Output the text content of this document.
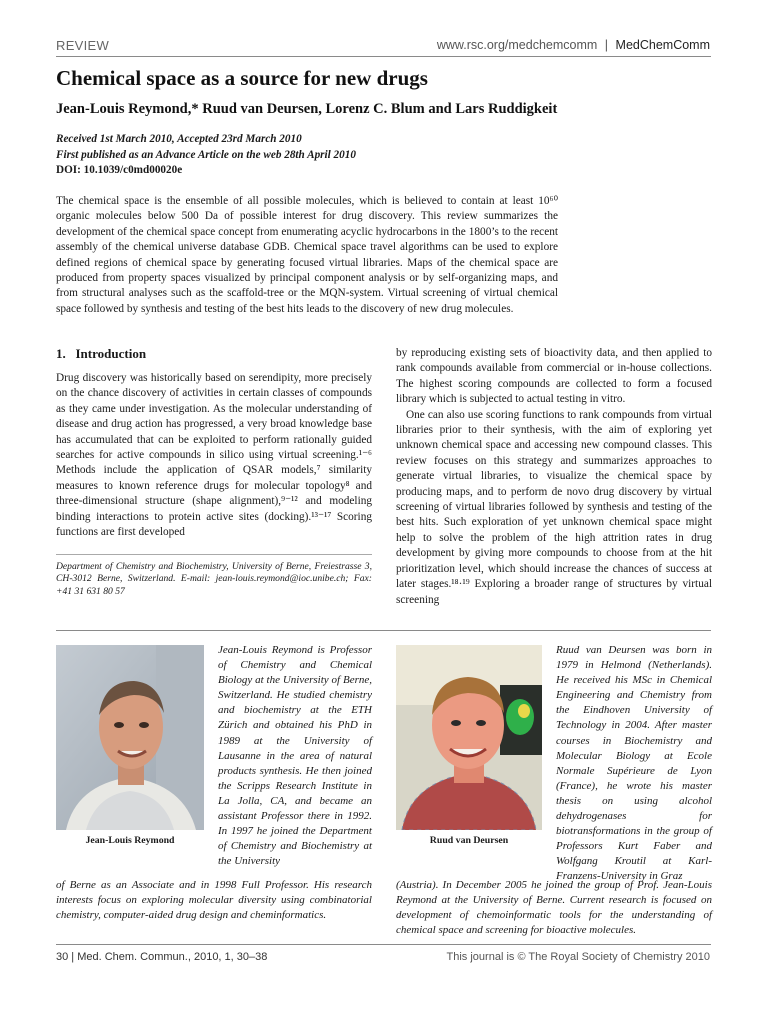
REVIEW	www.rsc.org/medchemcomm | MedChemComm
Chemical space as a source for new drugs
Jean-Louis Reymond,* Ruud van Deursen, Lorenz C. Blum and Lars Ruddigkeit
Received 1st March 2010, Accepted 23rd March 2010
First published as an Advance Article on the web 28th April 2010
DOI: 10.1039/c0md00020e
The chemical space is the ensemble of all possible molecules, which is believed to contain at least 10⁶⁰ organic molecules below 500 Da of possible interest for drug discovery. This review summarizes the development of the chemical space concept from enumerating acyclic hydrocarbons in the 1800’s to the recent assembly of the chemical universe database GDB. Chemical space travel algorithms can be used to explore defined regions of chemical space by generating focused virtual libraries. Maps of the chemical space are produced from property spaces visualized by principal component analysis or by self-organizing maps, and from structural analyses such as the scaffold-tree or the MQN-system. Virtual screening of virtual chemical space followed by synthesis and testing of the best hits leads to the discovery of new drug molecules.
1.   Introduction

Drug discovery was historically based on serendipity, more precisely on the chance discovery of activities in certain classes of compounds as they came under investigation. As the molecular understanding of disease and drug action has progressed, a very broad knowledge base has accumulated that can be exploited to perform rationally guided searches for active compounds in silico using virtual screening.¹⁻⁶ Methods include the application of QSAR models,⁷ similarity measures to known reference drugs for molecular topology⁸ and three-dimensional structure (shape alignment),⁹⁻¹² and modeling binding interactions to protein active sites (docking).¹³⁻¹⁷ Scoring functions are first developed

by reproducing existing sets of bioactivity data, and then applied to rank compounds available from commercial or in-house collections. The highest scoring compounds are collected to form a focused library which is subjected to actual testing in vitro.

One can also use scoring functions to rank compounds from virtual libraries prior to their synthesis, with the aim of exploring yet unknown chemical space and accessing new compound classes. This review focuses on this strategy and summarizes approaches to generate virtual libraries, to visualize the chemical space by producing maps, and to perform de novo drug discovery by virtual screening of virtual libraries followed by synthesis and testing of the best hits. Such exploration of yet unknown chemical space might help to solve the problem of the high attrition rates in drug development by giving more compounds to choose from at the hit prioritization level, which should increase the chances of success at later stages.¹⁸·¹⁹ Exploring a broader range of structures by virtual screening

Department of Chemistry and Biochemistry, University of Berne, Freiestrasse 3, CH-3012 Berne, Switzerland. E-mail: jean-louis.reymond@ioc.unibe.ch; Fax: +41 31 631 80 57
Jean-Louis Reymond
Jean-Louis Reymond is Professor of Chemistry and Chemical Biology at the University of Berne, Switzerland. He studied chemistry and biochemistry at the ETH Zürich and obtained his PhD in 1989 at the University of Lausanne in the area of natural products synthesis. He then joined the Scripps Research Institute in La Jolla, CA, and became an assistant Professor there in 1992. In 1997 he joined the Department of Chemistry and Biochemistry at the University
of Berne as an Associate and in 1998 Full Professor. His research interests focus on exploring molecular diversity using combinatorial chemistry, computer-aided drug design and cheminformatics.
Ruud van Deursen
Ruud van Deursen was born in 1979 in Helmond (Netherlands). He received his MSc in Chemical Engineering and Chemistry from the Eindhoven University of Technology in 2004. After master courses in Biochemistry and Molecular Biology at Ecole Normale Supérieure de Lyon (France), he wrote his master thesis on using alcohol dehydrogenases for biotransformations in the group of Professors Kurt Faber and Wolfgang Kroutil at Karl-Franzens-University in Graz
(Austria). In December 2005 he joined the group of Prof. Jean-Louis Reymond at the University of Berne. Current research is focused on development of chemoinformatic tools for the understanding of chemical space and screening for bioactive molecules.
30 | Med. Chem. Commun., 2010, 1, 30–38	This journal is © The Royal Society of Chemistry 2010
